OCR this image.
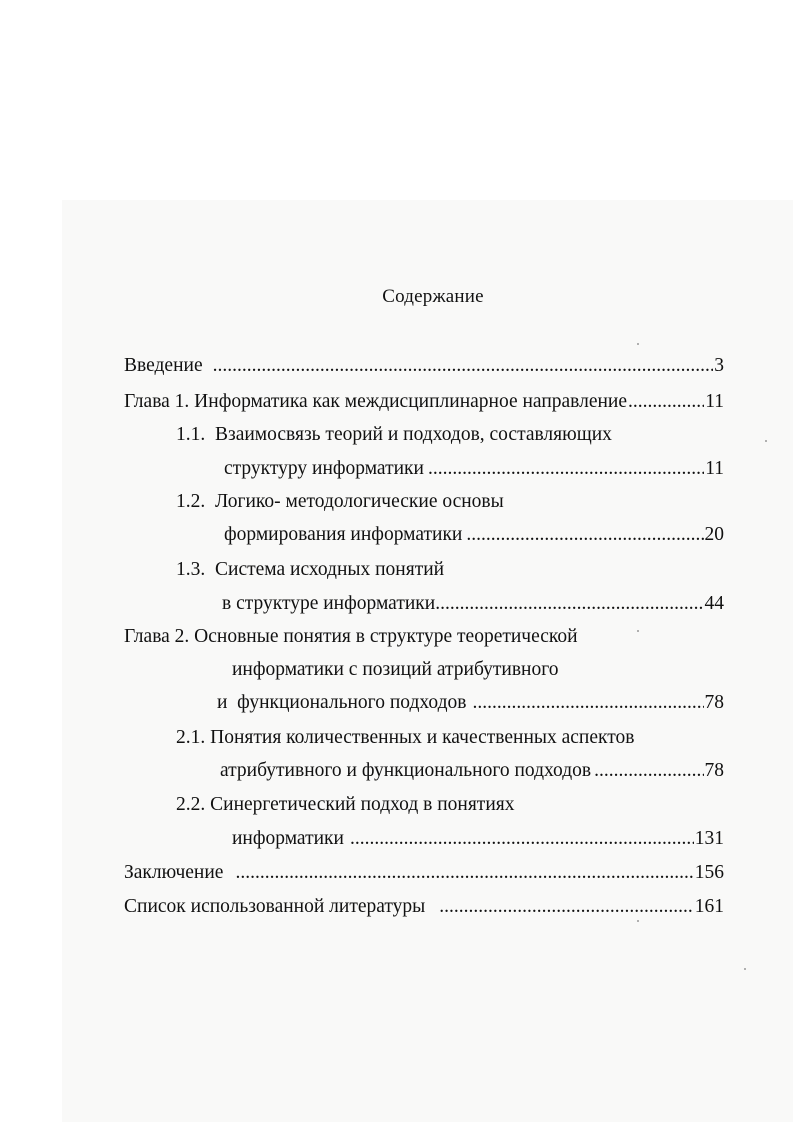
Содержание
Введение .....	3
Глава 1. Информатика как междисциплинарное направление .....	11
1.1. Взаимосвязь теорий и подходов, составляющих
структуру информатики .....	11
1.2. Логико- методологические основы
формирования информатики .....	20
1.3. Система исходных понятий
в структуре информатики .....	44
Глава 2. Основные понятия в структуре теоретической
информатики с позиций атрибутивного
и  функционального подходов .....	78
2.1. Понятия количественных и качественных аспектов
атрибутивного и функционального подходов .....	78
2.2. Синергетический подход в понятиях
информатики .....	131
Заключение .....	156
Список использованной литературы .....	161
